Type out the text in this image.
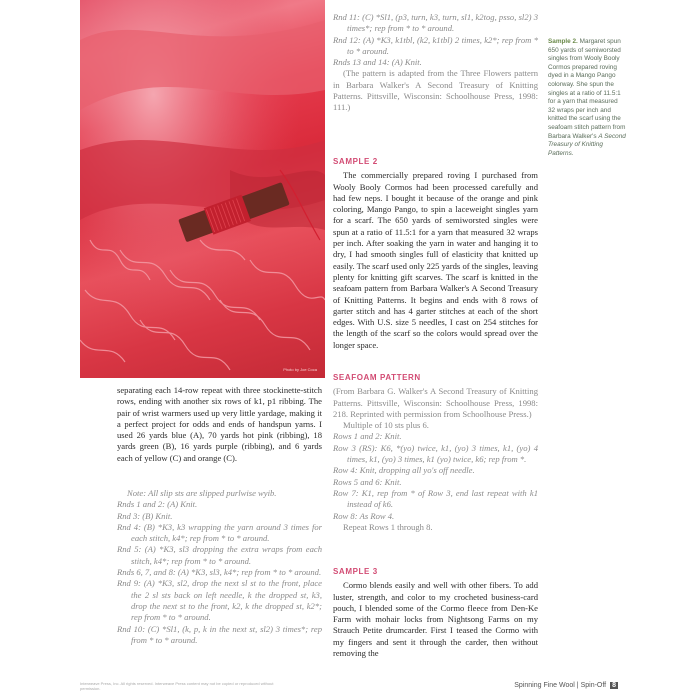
Photo by Joe Coca

Rnd 11: (C) *Sl1, (p3, turn, k3, turn, sl1, k2tog, psso, sl2) 3 times*; rep from * to * around.

Rnd 12: (A) *K3, k1tbl, (k2, k1tbl) 2 times, k2*; rep from * to * around.

Rnds 13 and 14: (A) Knit.

(The pattern is adapted from the Three Flowers pattern in Barbara Walker's A Second Treasury of Knitting Patterns. Pittsville, Wisconsin: Schoolhouse Press, 1998: 111.)

SAMPLE 2

The commercially prepared roving I purchased from Wooly Booly Cormos had been processed carefully and had few neps. I bought it because of the orange and pink coloring, Mango Pango, to spin a laceweight singles yarn for a scarf. The 650 yards of semiworsted singles were spun at a ratio of 11.5:1 for a yarn that measured 32 wraps per inch. After soaking the yarn in water and hanging it to dry, I had smooth singles full of elasticity that knitted up easily. The scarf used only 225 yards of the singles, leaving plenty for knitting gift scarves. The scarf is knitted in the seafoam pattern from Barbara Walker's A Second Treasury of Knitting Patterns. It begins and ends with 8 rows of garter stitch and has 4 garter stitches at each of the short edges. With U.S. size 5 needles, I cast on 254 stitches for the length of the scarf so the colors would spread over the longer space.

Sample 2. Margaret spun 650 yards of semiworsted singles from Wooly Booly Cormos prepared roving dyed in a Mango Pango colorway. She spun the singles at a ratio of 11.5:1 for a yarn that measured 32 wraps per inch and knitted the scarf using the seafoam stitch pattern from Barbara Walker's A Second Treasury of Knitting Patterns.
SEAFOAM PATTERN

(From Barbara G. Walker's A Second Treasury of Knitting Patterns. Pittsville, Wisconsin: Schoolhouse Press, 1998: 218. Reprinted with permission from Schoolhouse Press.)

Multiple of 10 sts plus 6.

Rows 1 and 2: Knit.

Row 3 (RS): K6, *(yo) twice, k1, (yo) 3 times, k1, (yo) 4 times, k1, (yo) 3 times, k1 (yo) twice, k6; rep from *.

Row 4: Knit, dropping all yo's off needle.

Rows 5 and 6: Knit.

Row 7: K1, rep from * of Row 3, end last repeat with k1 instead of k6.

Row 8: As Row 4.

Repeat Rows 1 through 8.

SAMPLE 3

Cormo blends easily and well with other fibers. To add luster, strength, and color to my crocheted business-card pouch, I blended some of the Cormo fleece from Den-Ke Farm with mohair locks from Nightsong Farms on my Strauch Petite drumcarder. First I teased the Cormo with my fingers and sent it through the carder, then without removing the

separating each 14-row repeat with three stockinette-stitch rows, ending with another six rows of k1, p1 ribbing. The pair of wrist warmers used up very little yardage, making it a perfect project for odds and ends of handspun yarns. I used 26 yards blue (A), 70 yards hot pink (ribbing), 18 yards green (B), 16 yards purple (ribbing), and 6 yards each of yellow (C) and orange (C).

Note: All slip sts are slipped purlwise wyib.

Rnds 1 and 2: (A) Knit.

Rnd 3: (B) Knit.

Rnd 4: (B) *K3, k3 wrapping the yarn around 3 times for each stitch, k4*; rep from * to * around.

Rnd 5: (A) *K3, sl3 dropping the extra wraps from each stitch, k4*; rep from * to * around.

Rnds 6, 7, and 8: (A) *K3, sl3, k4*; rep from * to * around.

Rnd 9: (A) *K3, sl2, drop the next sl st to the front, place the 2 sl sts back on left needle, k the dropped st, k3, drop the next st to the front, k2, k the dropped st, k2*; rep from * to * around.

Rnd 10: (C) *Sl1, (k, p, k in the next st, sl2) 3 times*; rep from * to * around.

Interweave Press, Inc. All rights reserved. Interweave Press content may not be copied or reproduced without permission.	Spinning Fine Wool | Spin-Off 8
